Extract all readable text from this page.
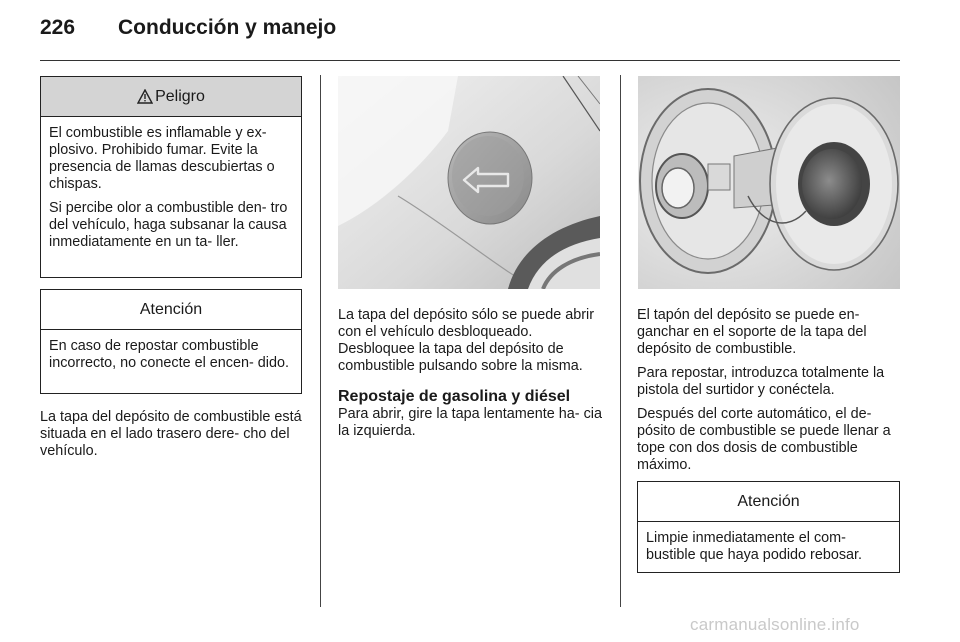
226 Conducción y manejo
Peligro

El combustible es inflamable y ex- plosivo. Prohibido fumar. Evite la presencia de llamas descubiertas o chispas.

Si percibe olor a combustible den- tro del vehículo, haga subsanar la causa inmediatamente en un ta- ller.

Atención

En caso de repostar combustible incorrecto, no conecte el encen- dido.

La tapa del depósito de combustible está situada en el lado trasero dere- cho del vehículo.

La tapa del depósito sólo se puede abrir con el vehículo desbloqueado. Desbloquee la tapa del depósito de combustible pulsando sobre la misma.

Repostaje de gasolina y diésel

Para abrir, gire la tapa lentamente ha- cia la izquierda.

El tapón del depósito se puede en- ganchar en el soporte de la tapa del depósito de combustible.

Para repostar, introduzca totalmente la pistola del surtidor y conéctela.

Después del corte automático, el de- pósito de combustible se puede llenar a tope con dos dosis de combustible máximo.

Atención

Limpie inmediatamente el com- bustible que haya podido rebosar.

carmanualsonline.info
